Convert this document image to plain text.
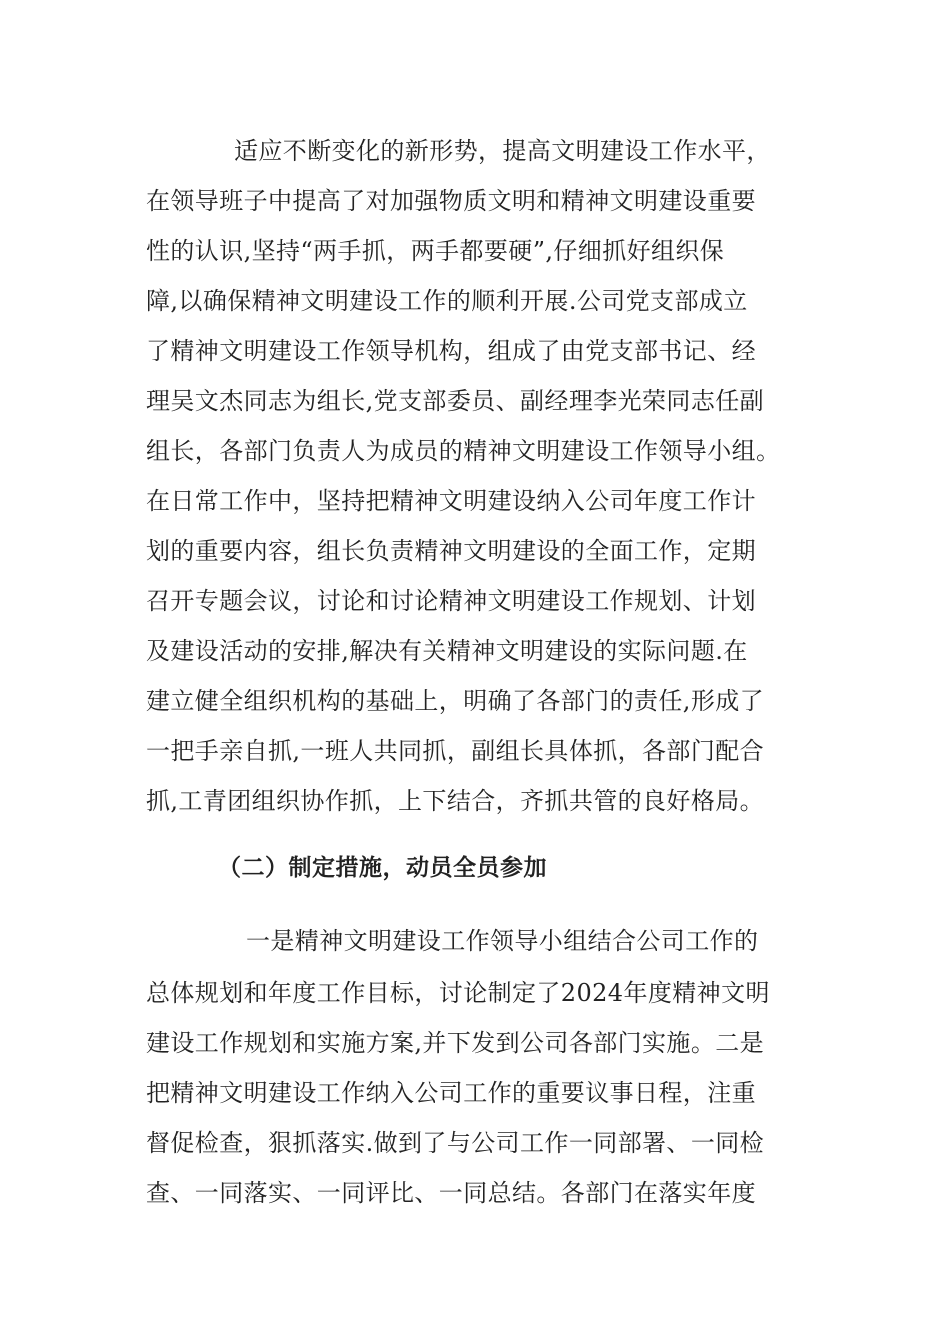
适应不断变化的新形势，提高文明建设工作水平，
在领导班子中提高了对加强物质文明和精神文明建设重要
性的认识,坚持“两手抓，两手都要硬”,仔细抓好组织保
障,以确保精神文明建设工作的顺利开展.公司党支部成立
了精神文明建设工作领导机构，组成了由党支部书记、经
理吴文杰同志为组长,党支部委员、副经理李光荣同志任副
组长，各部门负责人为成员的精神文明建设工作领导小组。
在日常工作中，坚持把精神文明建设纳入公司年度工作计
划的重要内容，组长负责精神文明建设的全面工作，定期
召开专题会议，讨论和讨论精神文明建设工作规划、计划
及建设活动的安排,解决有关精神文明建设的实际问题.在
建立健全组织机构的基础上，明确了各部门的责任,形成了
一把手亲自抓,一班人共同抓，副组长具体抓，各部门配合
抓,工青团组织协作抓，上下结合，齐抓共管的良好格局。
（二）制定措施，动员全员参加
一是精神文明建设工作领导小组结合公司工作的
总体规划和年度工作目标，讨论制定了2024年度精神文明
建设工作规划和实施方案,并下发到公司各部门实施。二是
把精神文明建设工作纳入公司工作的重要议事日程，注重
督促检查，狠抓落实.做到了与公司工作一同部署、一同检
查、一同落实、一同评比、一同总结。各部门在落实年度
